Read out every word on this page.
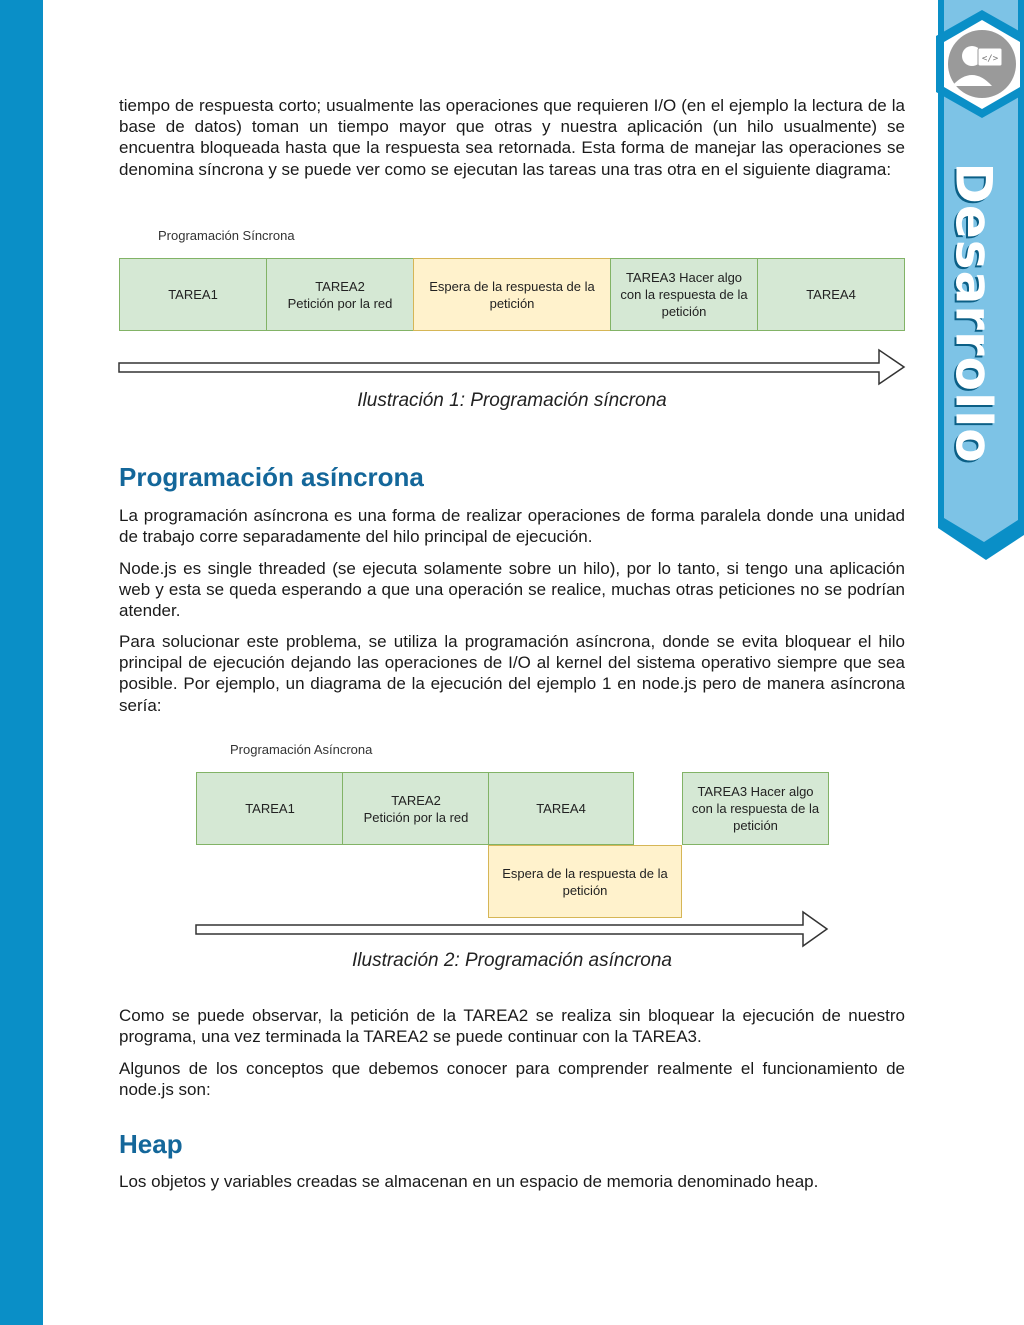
</>
Desarrollo

tiempo de respuesta corto; usualmente las operaciones que requieren I/O (en el ejemplo la lectura de la base de datos) toman un tiempo mayor que otras y nuestra aplicación (un hilo usualmente) se encuentra bloqueada hasta que la respuesta sea retornada. Esta forma de manejar las operaciones se denomina síncrona y se puede ver como se ejecutan las tareas una tras otra en el siguiente diagrama:

Programación Síncrona
TAREA1
TAREA2
Petición por la red
Espera de la respuesta de la petición
TAREA3 Hacer algo con la respuesta de la petición
TAREA4
Ilustración 1: Programación síncrona
Programación asíncrona

La programación asíncrona es una forma de realizar operaciones de forma paralela donde una unidad de trabajo corre separadamente del hilo principal de ejecución.

Node.js es single threaded (se ejecuta solamente sobre un hilo), por lo tanto, si tengo una aplicación web y esta se queda esperando a que una operación se realice, muchas otras peticiones no se podrían atender.

Para solucionar este problema, se utiliza la programación asíncrona, donde se evita bloquear el hilo principal de ejecución dejando las operaciones de I/O al kernel del sistema operativo siempre que sea posible. Por ejemplo, un diagrama de la ejecución del ejemplo 1 en node.js pero de manera asíncrona sería:

Programación Asíncrona
TAREA1
TAREA2
Petición por la red
TAREA4
TAREA3 Hacer algo con la respuesta de la petición
Espera de la respuesta de la petición
Ilustración 2: Programación asíncrona

Como se puede observar, la petición de la TAREA2 se realiza sin bloquear la ejecución de nuestro programa, una vez terminada la TAREA2 se puede continuar con la TAREA3.

Algunos de los conceptos que debemos conocer para comprender realmente el funcionamiento de node.js son:

Heap

Los objetos y variables creadas se almacenan en un espacio de memoria denominado heap.
